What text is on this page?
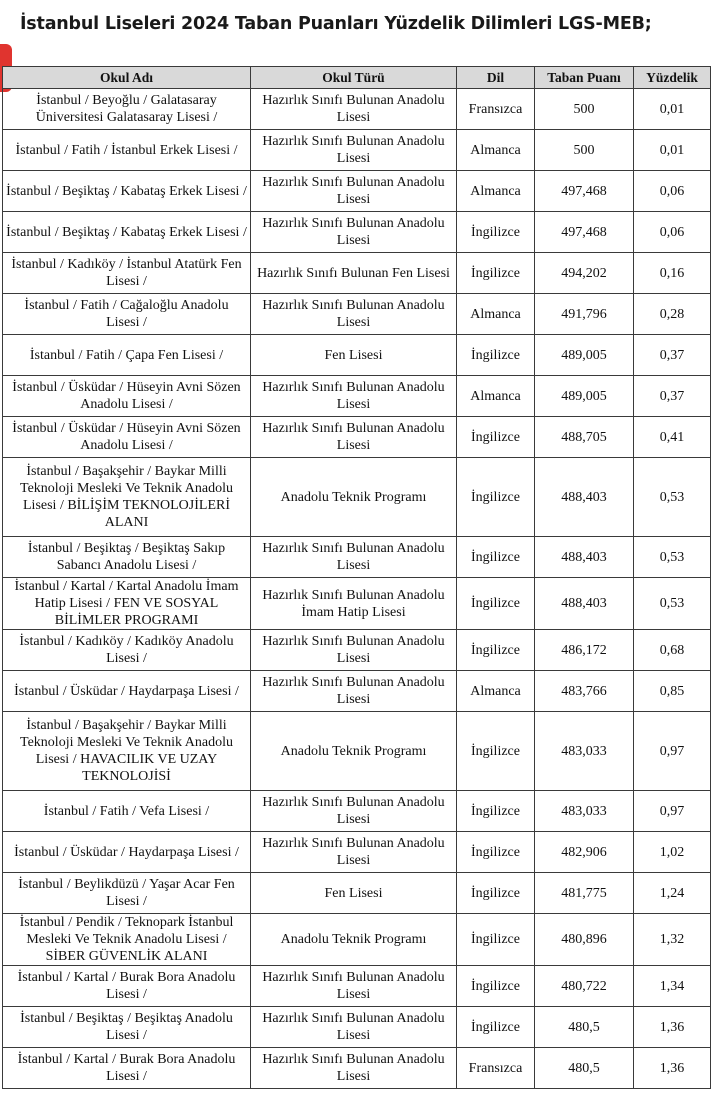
İstanbul Liseleri 2024 Taban Puanları Yüzdelik Dilimleri LGS-MEB;
Okul Adı	Okul Türü	Dil	Taban Puanı	Yüzdelik
İstanbul / Beyoğlu / Galatasaray Üniversitesi Galatasaray Lisesi /	Hazırlık Sınıfı Bulunan Anadolu Lisesi	Fransızca	500	0,01
İstanbul / Fatih / İstanbul Erkek Lisesi /	Hazırlık Sınıfı Bulunan Anadolu Lisesi	Almanca	500	0,01
İstanbul / Beşiktaş / Kabataş Erkek Lisesi /	Hazırlık Sınıfı Bulunan Anadolu Lisesi	Almanca	497,468	0,06
İstanbul / Beşiktaş / Kabataş Erkek Lisesi /	Hazırlık Sınıfı Bulunan Anadolu Lisesi	İngilizce	497,468	0,06
İstanbul / Kadıköy / İstanbul Atatürk Fen Lisesi /	Hazırlık Sınıfı Bulunan Fen Lisesi	İngilizce	494,202	0,16
İstanbul / Fatih / Cağaloğlu Anadolu Lisesi /	Hazırlık Sınıfı Bulunan Anadolu Lisesi	Almanca	491,796	0,28
İstanbul / Fatih / Çapa Fen Lisesi /	Fen Lisesi	İngilizce	489,005	0,37
İstanbul / Üsküdar / Hüseyin Avni Sözen Anadolu Lisesi /	Hazırlık Sınıfı Bulunan Anadolu Lisesi	Almanca	489,005	0,37
İstanbul / Üsküdar / Hüseyin Avni Sözen Anadolu Lisesi /	Hazırlık Sınıfı Bulunan Anadolu Lisesi	İngilizce	488,705	0,41
İstanbul / Başakşehir / Baykar Milli Teknoloji Mesleki Ve Teknik Anadolu Lisesi / BİLİŞİM TEKNOLOJİLERİ ALANI	Anadolu Teknik Programı	İngilizce	488,403	0,53
İstanbul / Beşiktaş / Beşiktaş Sakıp Sabancı Anadolu Lisesi /	Hazırlık Sınıfı Bulunan Anadolu Lisesi	İngilizce	488,403	0,53
İstanbul / Kartal / Kartal Anadolu İmam Hatip Lisesi / FEN VE SOSYAL BİLİMLER PROGRAMI	Hazırlık Sınıfı Bulunan Anadolu İmam Hatip Lisesi	İngilizce	488,403	0,53
İstanbul / Kadıköy / Kadıköy Anadolu Lisesi /	Hazırlık Sınıfı Bulunan Anadolu Lisesi	İngilizce	486,172	0,68
İstanbul / Üsküdar / Haydarpaşa Lisesi /	Hazırlık Sınıfı Bulunan Anadolu Lisesi	Almanca	483,766	0,85
İstanbul / Başakşehir / Baykar Milli Teknoloji Mesleki Ve Teknik Anadolu Lisesi / HAVACILIK VE UZAY TEKNOLOJİSİ	Anadolu Teknik Programı	İngilizce	483,033	0,97
İstanbul / Fatih / Vefa Lisesi /	Hazırlık Sınıfı Bulunan Anadolu Lisesi	İngilizce	483,033	0,97
İstanbul / Üsküdar / Haydarpaşa Lisesi /	Hazırlık Sınıfı Bulunan Anadolu Lisesi	İngilizce	482,906	1,02
İstanbul / Beylikdüzü / Yaşar Acar Fen Lisesi /	Fen Lisesi	İngilizce	481,775	1,24
İstanbul / Pendik / Teknopark İstanbul Mesleki Ve Teknik Anadolu Lisesi / SİBER GÜVENLİK ALANI	Anadolu Teknik Programı	İngilizce	480,896	1,32
İstanbul / Kartal / Burak Bora Anadolu Lisesi /	Hazırlık Sınıfı Bulunan Anadolu Lisesi	İngilizce	480,722	1,34
İstanbul / Beşiktaş / Beşiktaş Anadolu Lisesi /	Hazırlık Sınıfı Bulunan Anadolu Lisesi	İngilizce	480,5	1,36
İstanbul / Kartal / Burak Bora Anadolu Lisesi /	Hazırlık Sınıfı Bulunan Anadolu Lisesi	Fransızca	480,5	1,36
